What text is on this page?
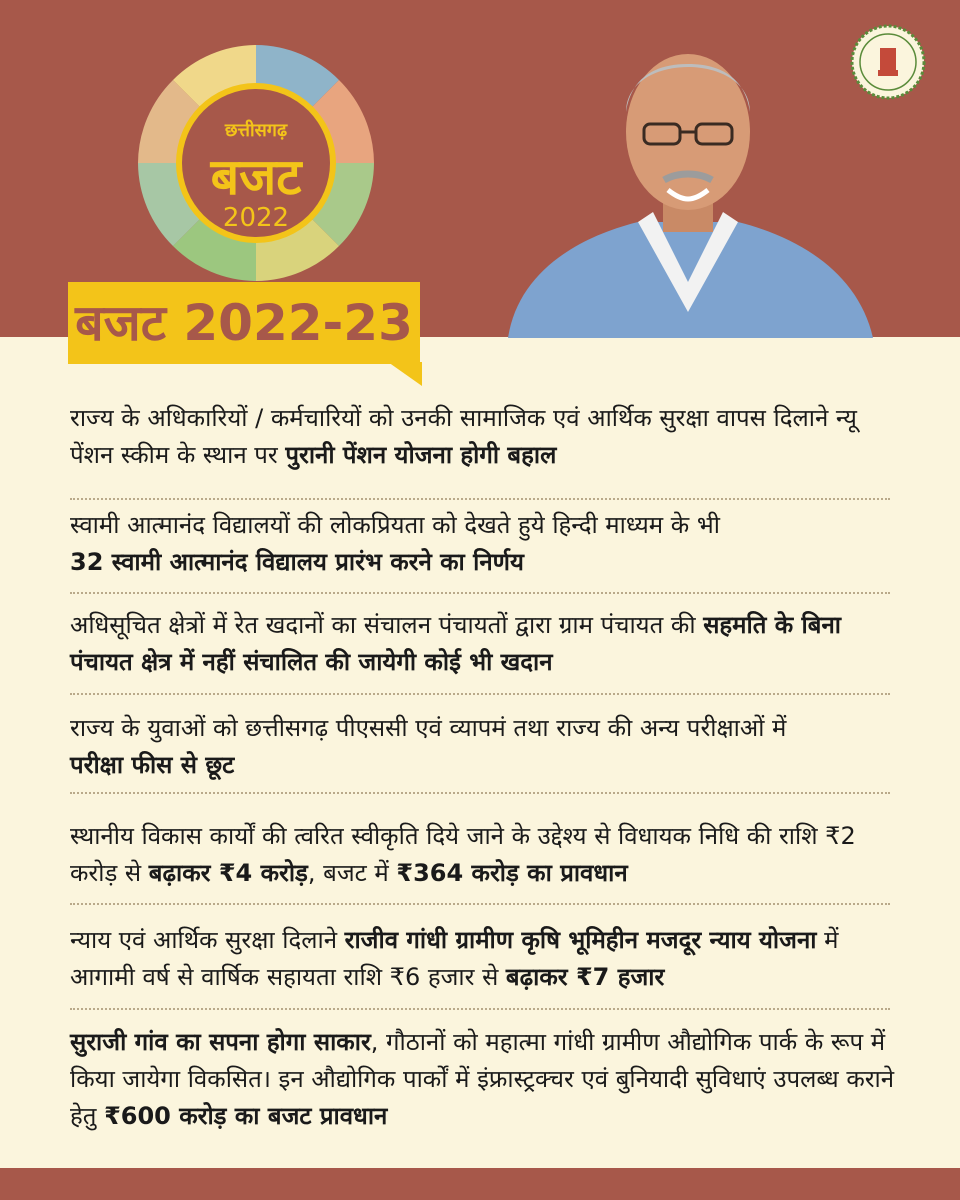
छत्तीसगढ़
बजट
2022
बजट 2022-23
राज्य के अधिकारियों / कर्मचारियों को उनकी सामाजिक एवं आर्थिक सुरक्षा वापस दिलाने न्यू पेंशन स्कीम के स्थान पर पुरानी पेंशन योजना होगी बहाल
स्वामी आत्मानंद विद्यालयों की लोकप्रियता को देखते हुये हिन्दी माध्यम के भी
32 स्वामी आत्मानंद विद्यालय प्रारंभ करने का निर्णय
अधिसूचित क्षेत्रों में रेत खदानों का संचालन पंचायतों द्वारा ग्राम पंचायत की सहमति के बिना पंचायत क्षेत्र में नहीं संचालित की जायेगी कोई भी खदान
राज्य के युवाओं को छत्तीसगढ़ पीएससी एवं व्यापमं तथा राज्य की अन्य परीक्षाओं में
परीक्षा फीस से छूट
स्थानीय विकास कार्यों की त्वरित स्वीकृति दिये जाने के उद्देश्य से विधायक निधि की राशि ₹2 करोड़ से बढ़ाकर ₹4 करोड़, बजट में ₹364 करोड़ का प्रावधान
न्याय एवं आर्थिक सुरक्षा दिलाने राजीव गांधी ग्रामीण कृषि भूमिहीन मजदूर न्याय योजना में आगामी वर्ष से वार्षिक सहायता राशि ₹6 हजार से बढ़ाकर ₹7 हजार
सुराजी गांव का सपना होगा साकार, गौठानों को महात्मा गांधी ग्रामीण औद्योगिक पार्क के रूप में किया जायेगा विकसित। इन औद्योगिक पार्कों में इंफ्रास्ट्रक्चर एवं बुनियादी सुविधाएं उपलब्ध कराने हेतु ₹600 करोड़ का बजट प्रावधान
